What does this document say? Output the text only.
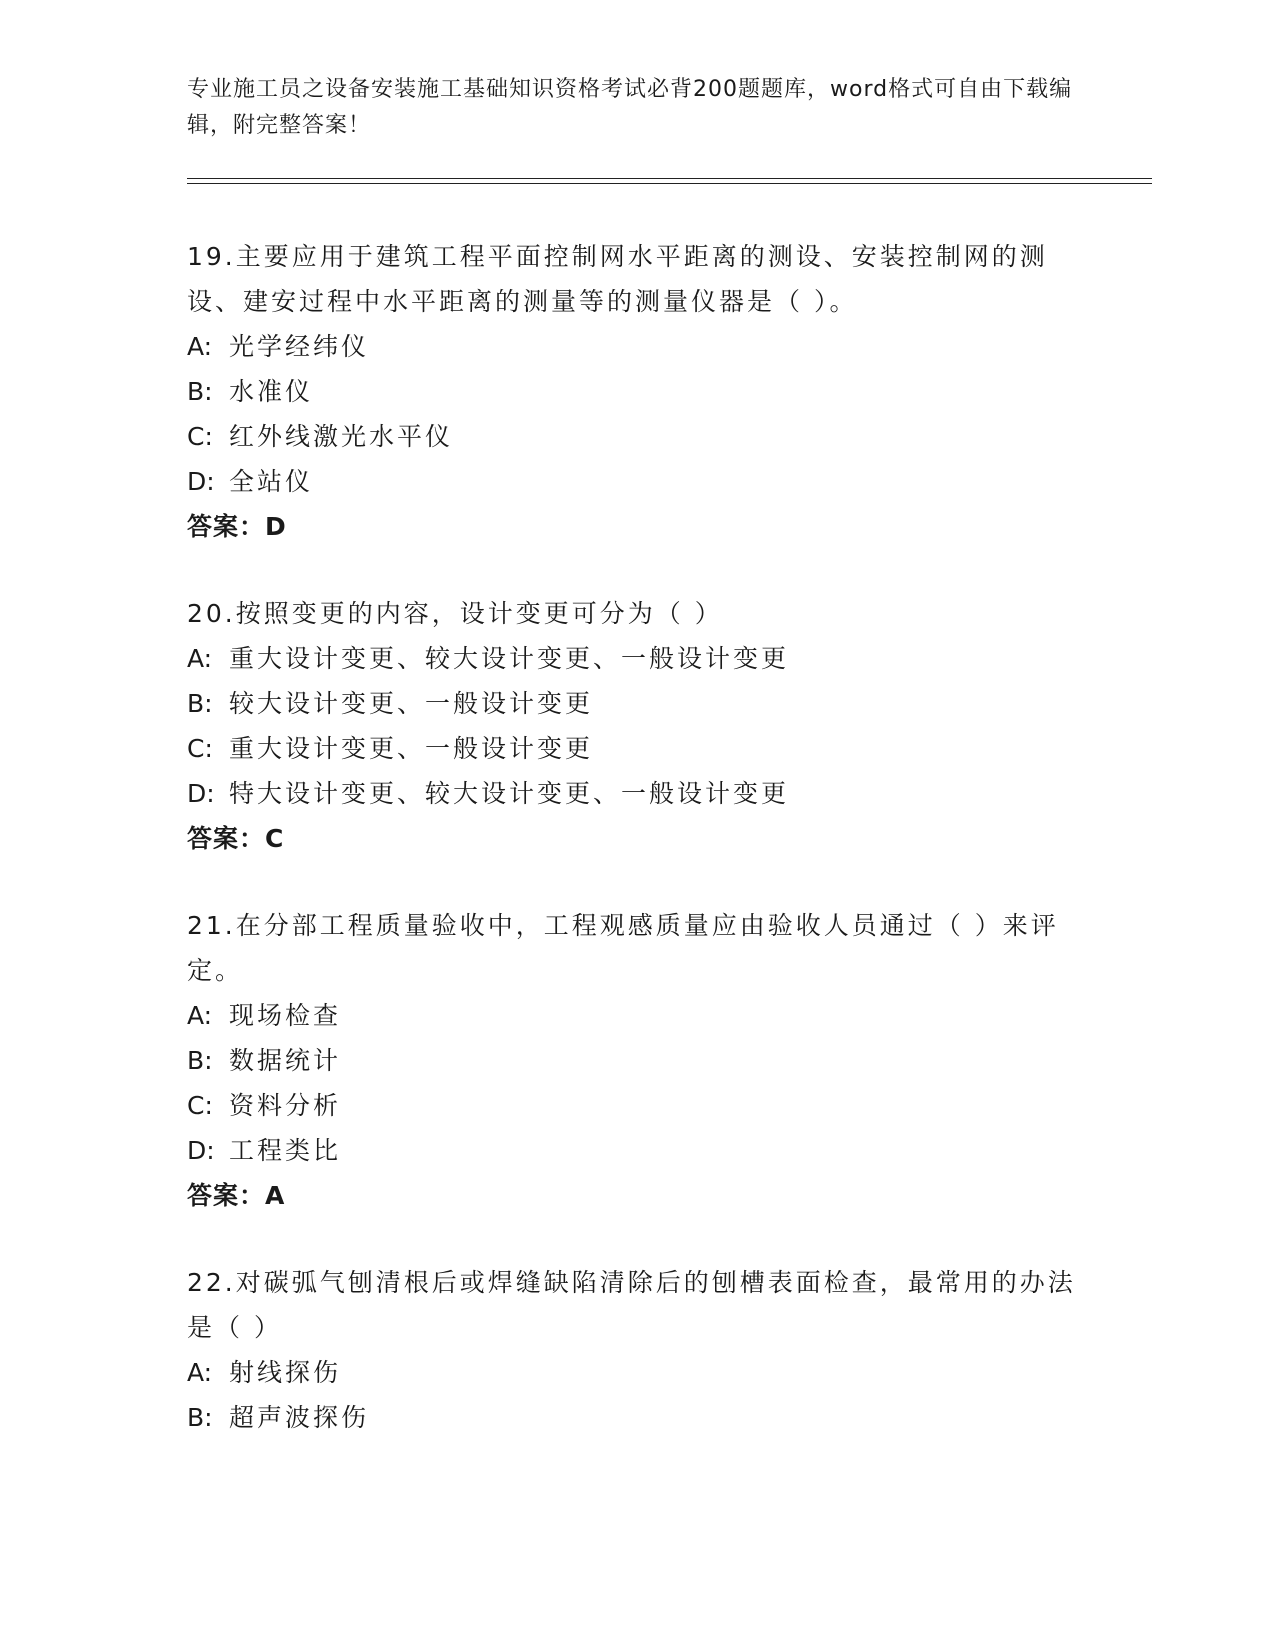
专业施工员之设备安装施工基础知识资格考试必背200题题库，word格式可自由下载编辑，附完整答案！

19.主要应用于建筑工程平面控制网水平距离的测设、安装控制网的测设、建安过程中水平距离的测量等的测量仪器是（ ）。

A: 光学经纬仪

B: 水准仪

C: 红外线激光水平仪

D: 全站仪

答案：D

20.按照变更的内容，设计变更可分为（ ）

A: 重大设计变更、较大设计变更、一般设计变更

B: 较大设计变更、一般设计变更

C: 重大设计变更、一般设计变更

D: 特大设计变更、较大设计变更、一般设计变更

答案：C

21.在分部工程质量验收中，工程观感质量应由验收人员通过（ ）来评定。

A: 现场检查

B: 数据统计

C: 资料分析

D: 工程类比

答案：A

22.对碳弧气刨清根后或焊缝缺陷清除后的刨槽表面检查，最常用的办法是（ ）

A: 射线探伤

B: 超声波探伤
